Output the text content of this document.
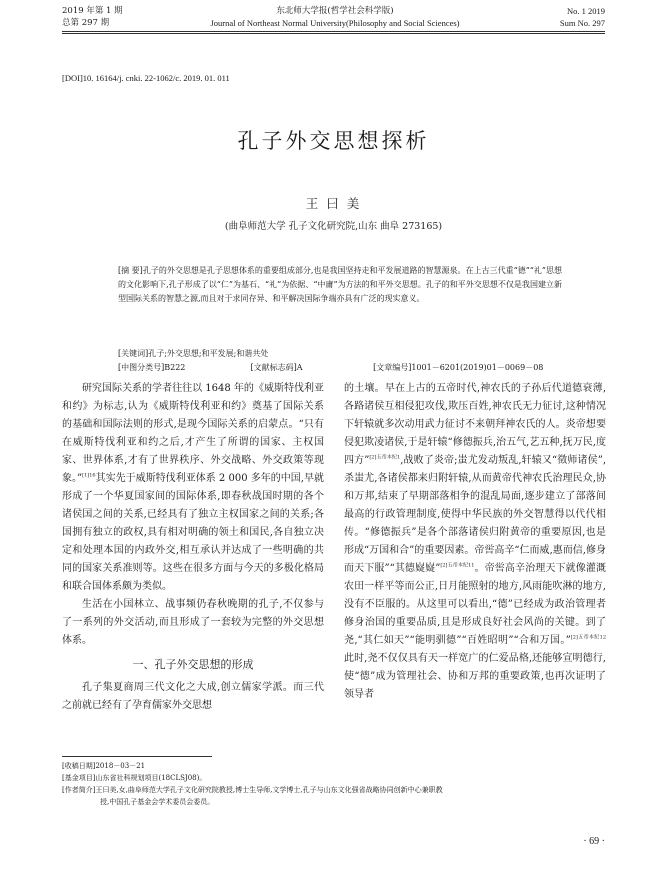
2019 年第 1 期
总第 297 期
东北师大学报(哲学社会科学版)
Journal of Northeast Normal University(Philosophy and Social Sciences)
No. 1 2019
Sum No. 297
[DOI]10. 16164/j. cnki. 22-1062/c. 2019. 01. 011
孔子外交思想探析
王 曰 美
(曲阜师范大学 孔子文化研究院,山东 曲阜 273165)

[摘 要]孔子的外交思想是孔子思想体系的重要组成部分,也是我国坚持走和平发展道路的智慧源泉。在上古三代重“德”“礼”思想的文化影响下,孔子形成了以“仁”为基石、“礼”为依据、“中庸”为方法的和平外交思想。孔子的和平外交思想不仅是我国建立新型国际关系的智慧之源,而且对于求同存异、和平解决国际争端亦具有广泛的现实意义。

[关键词]孔子;外交思想;和平发展;和谐共处
[中图分类号]B222	[文献标志码]A	[文章编号]1001－6201(2019)01－0069－08

研究国际关系的学者往往以 1648 年的《威斯特伐利亚和约》为标志,认为《威斯特伐利亚和约》奠基了国际关系的基础和国际法则的形式,是现今国际关系的启蒙点。“只有在威斯特伐利亚和约之后,才产生了所谓的国家、主权国家、世界体系,才有了世界秩序、外交战略、外交政策等现象。”$^{[1]16}$其实先于威斯特伐利亚体系 2 000 多年的中国,早就形成了一个华夏国家间的国际体系,即春秋战国时期的各个诸侯国之间的关系,已经具有了独立主权国家之间的关系;各国拥有独立的政权,具有相对明确的领土和国民,各自独立决定和处理本国的内政外交,相互承认并达成了一些明确的共同的国家关系准则等。这些在很多方面与今天的多极化格局和联合国体系颇为类似。

生活在小国林立、战事频仍春秋晚期的孔子,不仅参与了一系列的外交活动,而且形成了一套较为完整的外交思想体系。

一、孔子外交思想的形成

孔子集夏商周三代文化之大成,创立儒家学派。而三代之前就已经有了孕育儒家外交思想

的土壤。早在上古的五帝时代,神农氏的子孙后代道德衰薄,各路诸侯互相侵犯攻伐,欺压百姓,神农氏无力征讨,这种情况下轩辕就多次动用武力征讨不来朝拜神农氏的人。炎帝想要侵犯欺凌诸侯,于是轩辕“修德振兵,治五气,艺五种,抚万民,度四方”$^{[2]五帝本纪1}$,战败了炎帝;蚩尤发动叛乱,轩辕又“徵师诸侯”,杀蚩尤,各诸侯都来归附轩辕,从而黄帝代神农氏治理民众,协和万邦,结束了早期部落相争的混乱局面,逐步建立了部落间最高的行政管理制度,使得中华民族的外交智慧得以代代相传。“修德振兵”是各个部落诸侯归附黄帝的重要原因,也是形成“万国和合”的重要因素。帝喾高辛“仁而威,惠而信,修身而天下服”“其德嶷嶷”$^{[2]五帝本纪11}$。帝喾高辛治理天下就像灌溉农田一样平等而公正,日月能照射的地方,风雨能吹淋的地方,没有不臣服的。从这里可以看出,“德”已经成为政治管理者修身治国的重要品质,且是形成良好社会风尚的关键。到了尧,“其仁如天”“能明驯德”“百姓昭明”“合和万国。”$^{[2]五帝本纪12}$此时,尧不仅仅具有天一样宽广的仁爱品格,还能够宣明德行,使“德”成为管理社会、协和万邦的重要政策,也再次证明了领导者

[收稿日期]2018－03－21
[基金项目]山东省社科规划项目(18CLSJ08)。
[作者简介]王曰美,女,曲阜师范大学孔子文化研究院教授,博士生导师,文学博士,孔子与山东文化强省战略协同创新中心兼职教
授,中国孔子基金会学术委员会委员。
· 69 ·
